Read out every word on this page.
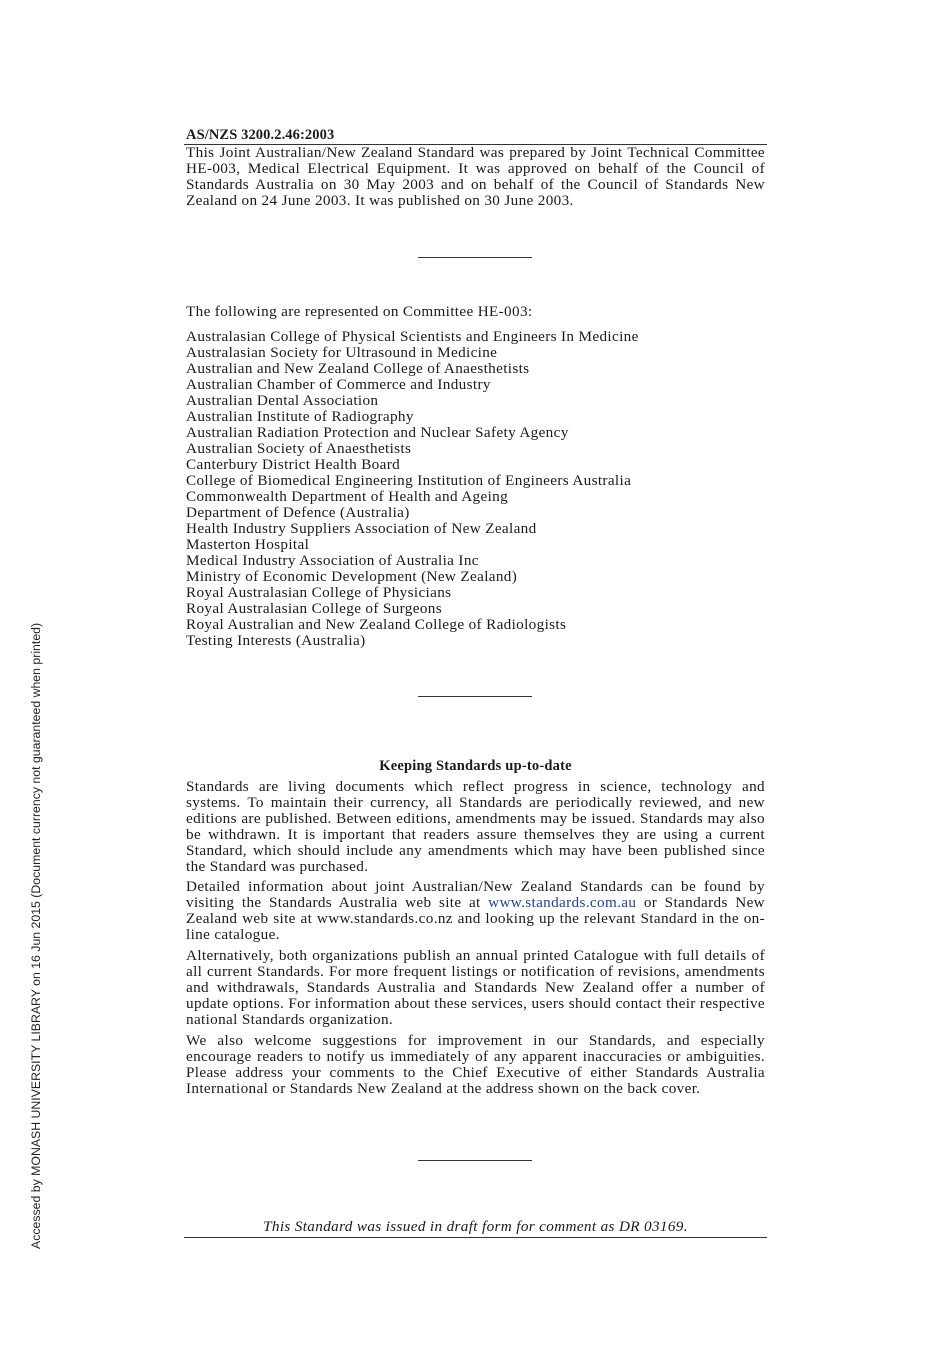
AS/NZS 3200.2.46:2003
This Joint Australian/New Zealand Standard was prepared by Joint Technical Committee HE-003, Medical Electrical Equipment. It was approved on behalf of the Council of Standards Australia on 30 May 2003 and on behalf of the Council of Standards New Zealand on 24 June 2003. It was published on 30 June 2003.
The following are represented on Committee HE-003:
Australasian College of Physical Scientists and Engineers In Medicine
Australasian Society for Ultrasound in Medicine
Australian and New Zealand College of Anaesthetists
Australian Chamber of Commerce and Industry
Australian Dental Association
Australian Institute of Radiography
Australian Radiation Protection and Nuclear Safety Agency
Australian Society of Anaesthetists
Canterbury District Health Board
College of Biomedical Engineering Institution of Engineers Australia
Commonwealth Department of Health and Ageing
Department of Defence (Australia)
Health Industry Suppliers Association of New Zealand
Masterton Hospital
Medical Industry Association of Australia Inc
Ministry of Economic Development (New Zealand)
Royal Australasian College of Physicians
Royal Australasian College of Surgeons
Royal Australian and New Zealand College of Radiologists
Testing Interests (Australia)
Keeping Standards up-to-date
Standards are living documents which reflect progress in science, technology and systems. To maintain their currency, all Standards are periodically reviewed, and new editions are published. Between editions, amendments may be issued. Standards may also be withdrawn. It is important that readers assure themselves they are using a current Standard, which should include any amendments which may have been published since the Standard was purchased.
Detailed information about joint Australian/New Zealand Standards can be found by visiting the Standards Australia web site at www.standards.com.au or Standards New Zealand web site at www.standards.co.nz and looking up the relevant Standard in the on-line catalogue.
Alternatively, both organizations publish an annual printed Catalogue with full details of all current Standards. For more frequent listings or notification of revisions, amendments and withdrawals, Standards Australia and Standards New Zealand offer a number of update options. For information about these services, users should contact their respective national Standards organization.
We also welcome suggestions for improvement in our Standards, and especially encourage readers to notify us immediately of any apparent inaccuracies or ambiguities. Please address your comments to the Chief Executive of either Standards Australia International or Standards New Zealand at the address shown on the back cover.
This Standard was issued in draft form for comment as DR 03169.
Accessed by MONASH UNIVERSITY LIBRARY on 16 Jun 2015 (Document currency not guaranteed when printed)
